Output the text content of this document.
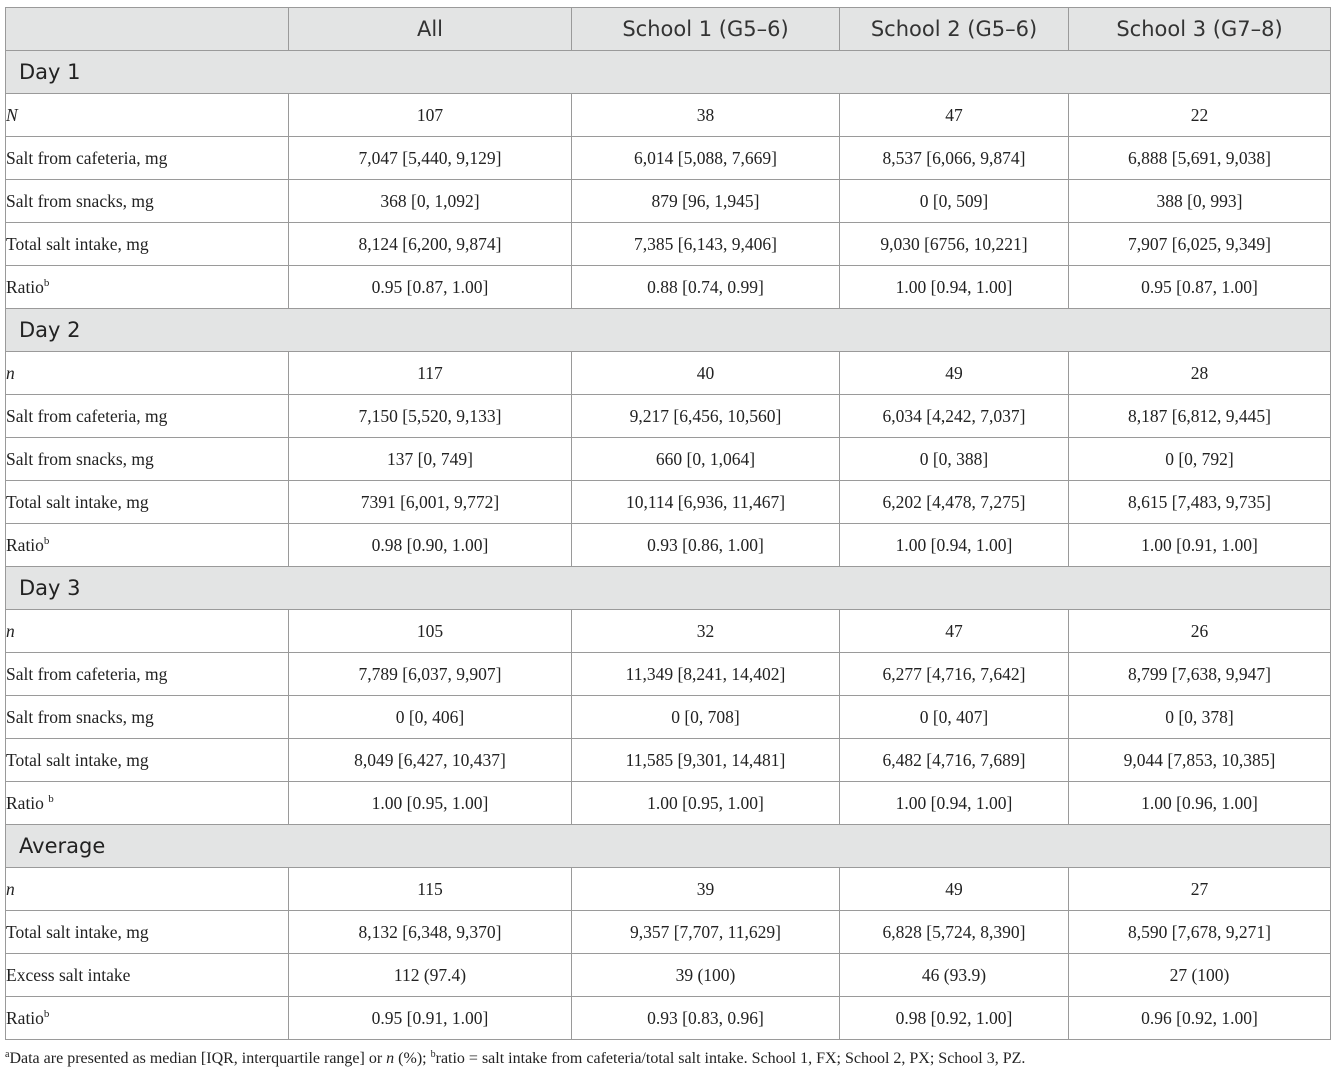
	All	School 1 (G5–6)	School 2 (G5–6)	School 3 (G7–8)
Day 1				
N	107	38	47	22
Salt from cafeteria, mg	7,047 [5,440, 9,129]	6,014 [5,088, 7,669]	8,537 [6,066, 9,874]	6,888 [5,691, 9,038]
Salt from snacks, mg	368 [0, 1,092]	879 [96, 1,945]	0 [0, 509]	388 [0, 993]
Total salt intake, mg	8,124 [6,200, 9,874]	7,385 [6,143, 9,406]	9,030 [6756, 10,221]	7,907 [6,025, 9,349]
Ratio$^b$	0.95 [0.87, 1.00]	0.88 [0.74, 0.99]	1.00 [0.94, 1.00]	0.95 [0.87, 1.00]
Day 2				
n	117	40	49	28
Salt from cafeteria, mg	7,150 [5,520, 9,133]	9,217 [6,456, 10,560]	6,034 [4,242, 7,037]	8,187 [6,812, 9,445]
Salt from snacks, mg	137 [0, 749]	660 [0, 1,064]	0 [0, 388]	0 [0, 792]
Total salt intake, mg	7391 [6,001, 9,772]	10,114 [6,936, 11,467]	6,202 [4,478, 7,275]	8,615 [7,483, 9,735]
Ratio$^b$	0.98 [0.90, 1.00]	0.93 [0.86, 1.00]	1.00 [0.94, 1.00]	1.00 [0.91, 1.00]
Day 3				
n	105	32	47	26
Salt from cafeteria, mg	7,789 [6,037, 9,907]	11,349 [8,241, 14,402]	6,277 [4,716, 7,642]	8,799 [7,638, 9,947]
Salt from snacks, mg	0 [0, 406]	0 [0, 708]	0 [0, 407]	0 [0, 378]
Total salt intake, mg	8,049 [6,427, 10,437]	11,585 [9,301, 14,481]	6,482 [4,716, 7,689]	9,044 [7,853, 10,385]
Ratio $^b$	1.00 [0.95, 1.00]	1.00 [0.95, 1.00]	1.00 [0.94, 1.00]	1.00 [0.96, 1.00]
Average				
n	115	39	49	27
Total salt intake, mg	8,132 [6,348, 9,370]	9,357 [7,707, 11,629]	6,828 [5,724, 8,390]	8,590 [7,678, 9,271]
Excess salt intake	112 (97.4)	39 (100)	46 (93.9)	27 (100)
Ratio$^b$	0.95 [0.91, 1.00]	0.93 [0.83, 0.96]	0.98 [0.92, 1.00]	0.96 [0.92, 1.00]
$^a$Data are presented as median [IQR, interquartile range] or n (%); $^b$ratio = salt intake from cafeteria/total salt intake. School 1, FX; School 2, PX; School 3, PZ.
